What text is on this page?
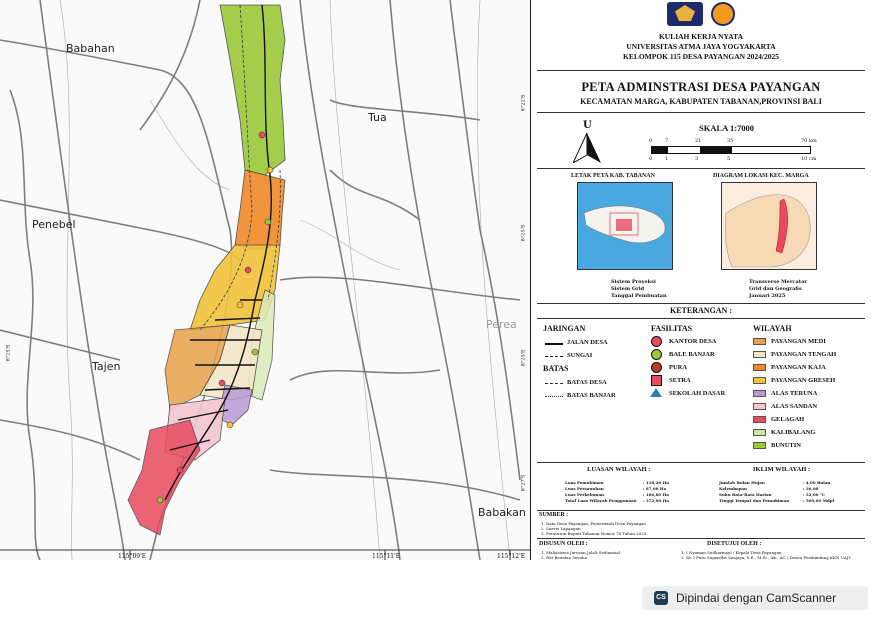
Babahan
Tua
Penebel
Tajen
Perea
Babakan
115°09'E	115°11'E	115°12'E
8°25'S
8°22'S
8°25'S
8°25'S
8°27'S
KULIAH KERJA NYATA
UNIVERSITAS ATMA JAYA YOGYAKARTA
KELOMPOK 115 DESA PAYANGAN 2024/2025
PETA ADMINSTRASI DESA PAYANGAN
KECAMATAN MARGA, KABUPATEN TABANAN,PROVINSI BALI
U	SKALA 1:7000
0	7	21	35	70 km
0	1	3	5	10 cm
LETAK PETA KAB. TABANAN	DIAGRAM LOKASI KEC. MARGA
Sistem Proyeksi	Transverse Mercator
Sistem Grid	Grid dan Geografis
Tanggal Pembuatan	Januari 2025
KETERANGAN :
JARINGAN
JALAN DESA
SUNGAI
BATAS
BATAS DESA
BATAS BANJAR
FASILITAS
KANTOR DESA
BALE BANJAR
PURA
SETRA
SEKOLAH DASAR
WILAYAH
PAYANGAN MEDI
PAYANGAN TENGAH
PAYANGAN KAJA
PAYANGAN GRESEH
ALAS TERUNA
ALAS SANDAN
GELAGAH
KALIBALANG
BUNUTIN
LUASAN WILAYAH :	IKLIM WILAYAH :
Luas Pemukiman	: 118,20 Ha
Luas Persawahan	: 87,00 Ha
Luas Perkebunan	: 166,80 Ha
Total Luas Wilayah Penggunaan : 372,00 Ha
Jumlah Bulan Hujan	: 4,00 Bulan
Kelembapan	: 36,00
Suhu Rata-Rata Harian	: 32,00 °C
Tinggi Tempat dan Pemukiman	: 500,00 Mdpl
SUMBER :
1. Data Desa Payangan, Pemerintah Desa Payangan
2. Survei Lapangan
3. Peraturan Bupati Tabanan Nomor 78 Tahun 2023
DISUSUN OLEH :
1. Mahasiswa Jurusan Jalalt Sedianoial
2. Rat Reualan Sesuha
DISETUJUI OLEH :
1. I Nyoman Sudharmayi / Kepala Desa Payangan
2. Dr. I Putu Sugiartha Sanjaya, S.E., M.Si., Ak., AC / Dosen Pembimbing KKN UAJY
CS Dipindai dengan CamScanner
